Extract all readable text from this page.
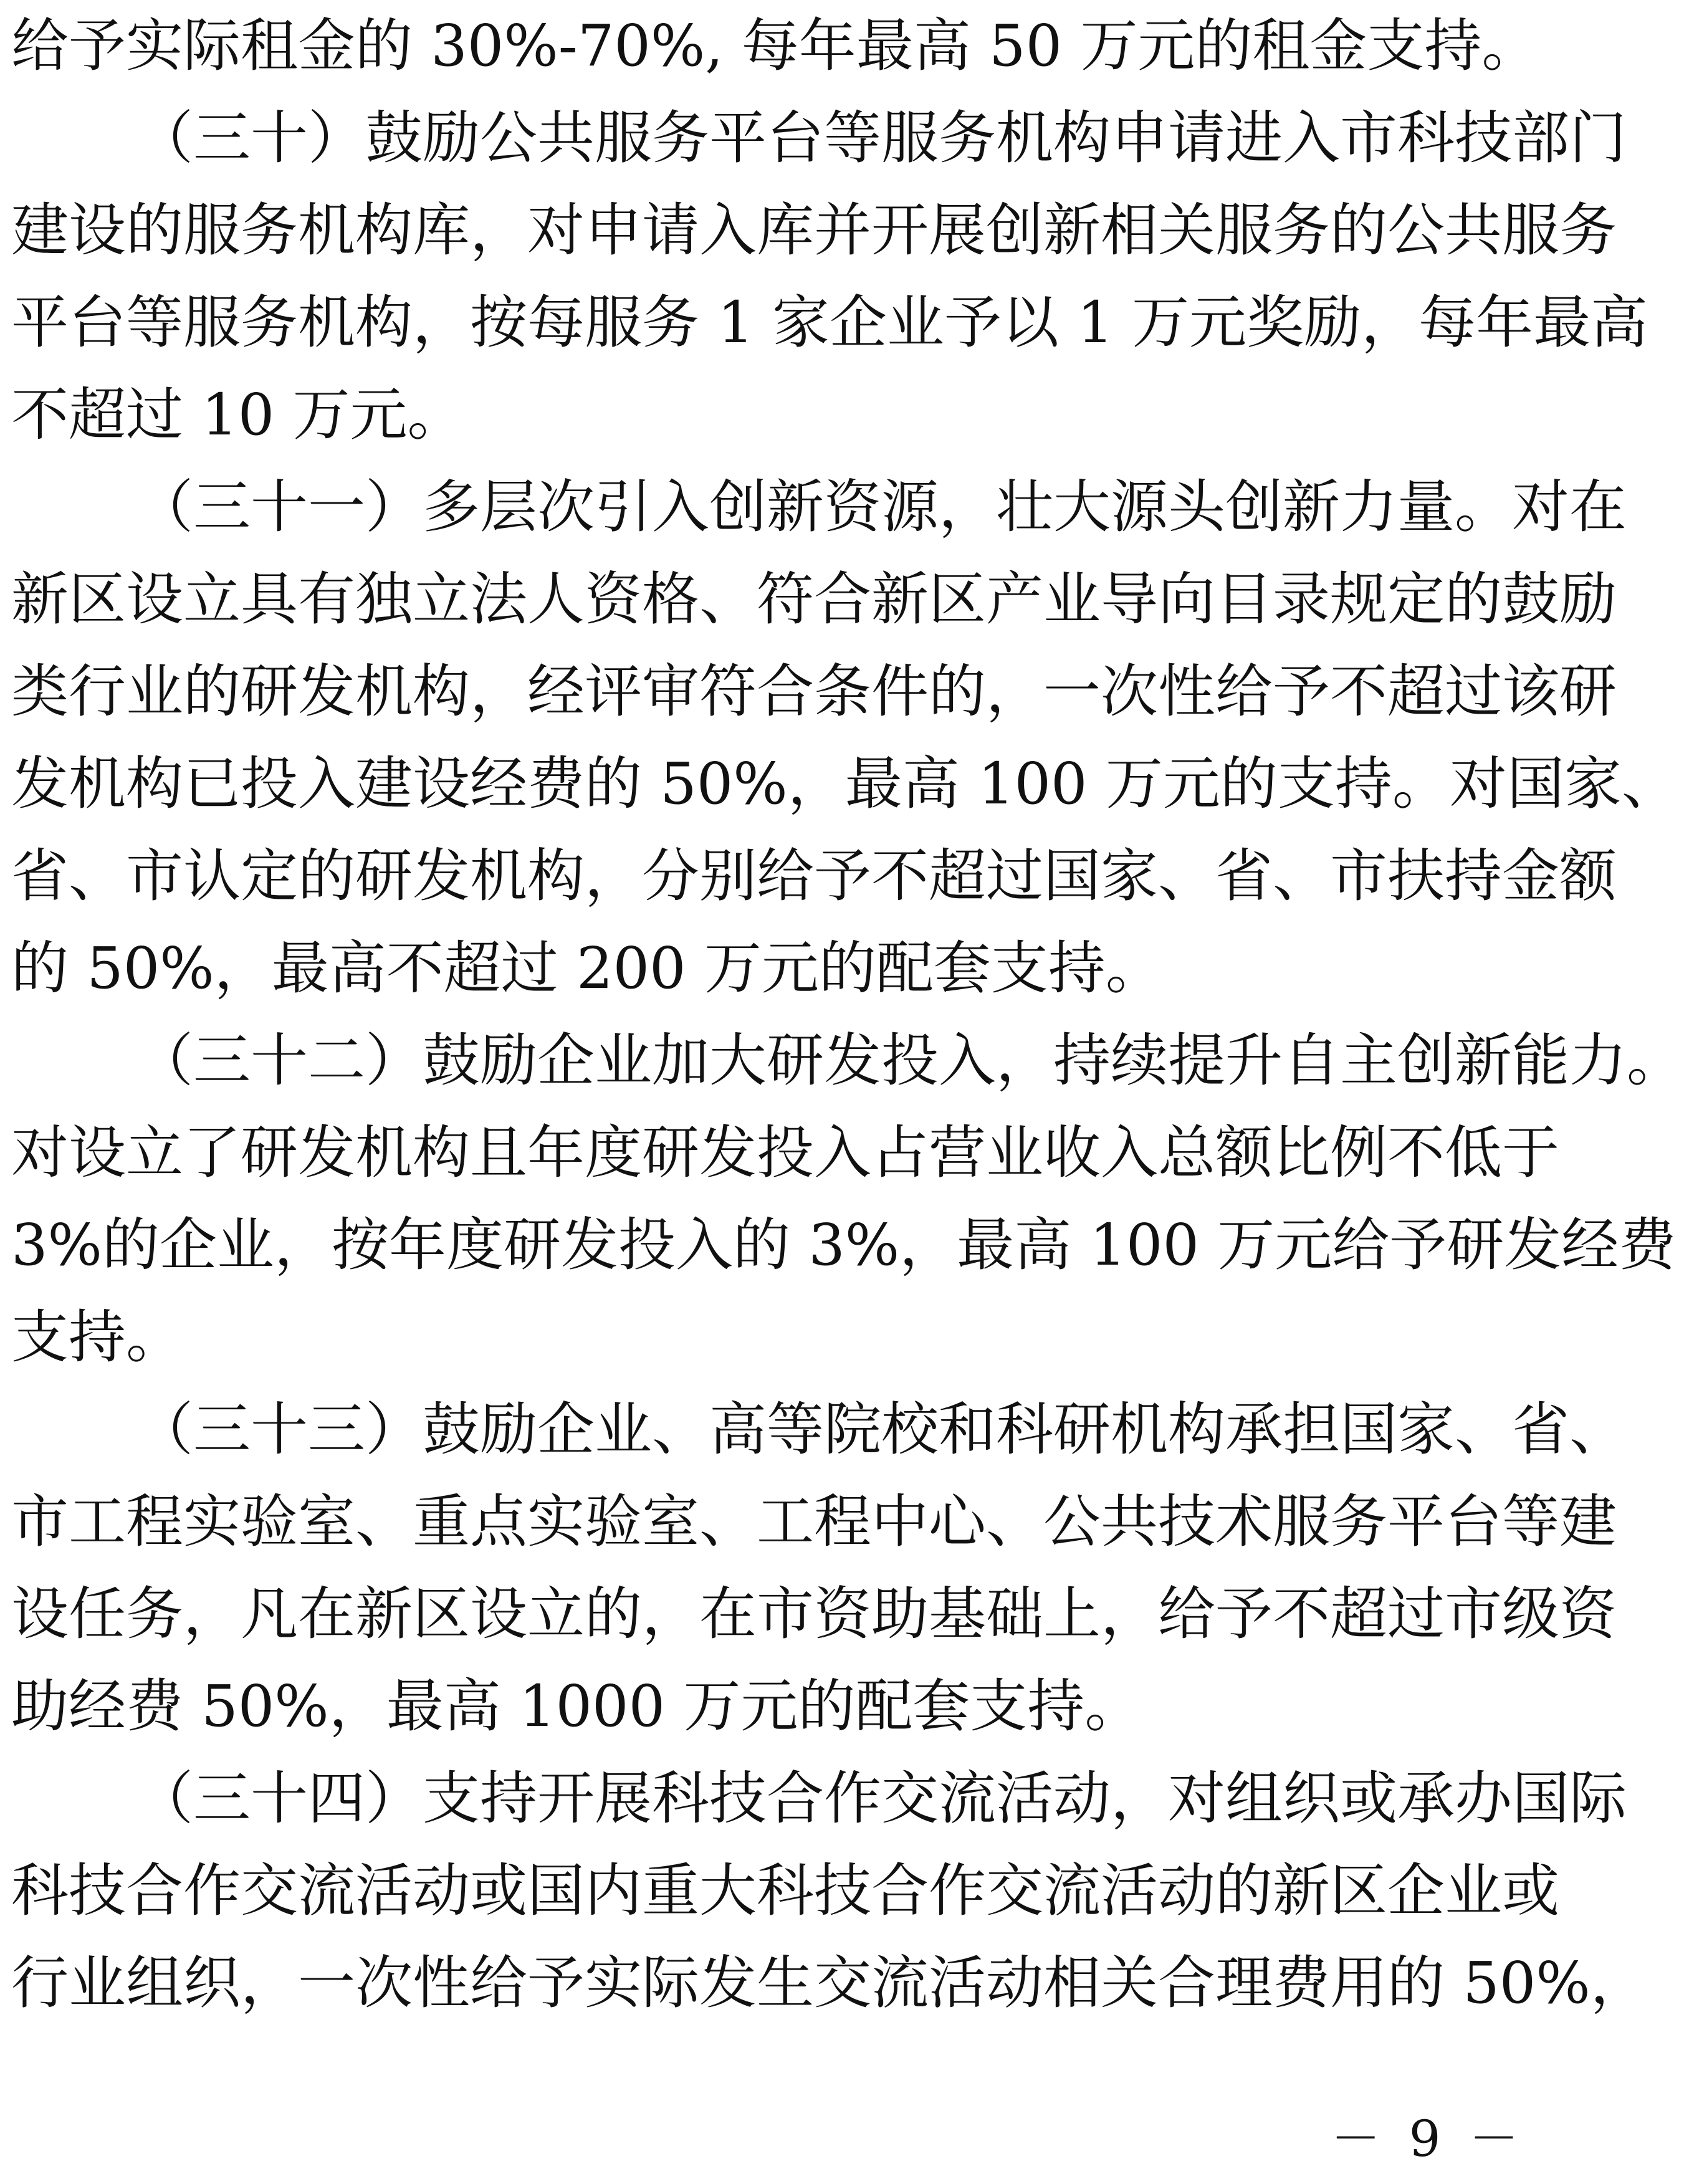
给予实际租金的 30%-70%, 每年最高 50 万元的租金支持。
（三十）鼓励公共服务平台等服务机构申请进入市科技部门
建设的服务机构库，对申请入库并开展创新相关服务的公共服务
平台等服务机构，按每服务 1 家企业予以 1 万元奖励，每年最高
不超过 10 万元。
（三十一）多层次引入创新资源，壮大源头创新力量。对在
新区设立具有独立法人资格、符合新区产业导向目录规定的鼓励
类行业的研发机构，经评审符合条件的，一次性给予不超过该研
发机构已投入建设经费的 50%，最高 100 万元的支持。对国家、
省、市认定的研发机构，分别给予不超过国家、省、市扶持金额
的 50%，最高不超过 200 万元的配套支持。
（三十二）鼓励企业加大研发投入，持续提升自主创新能力。
对设立了研发机构且年度研发投入占营业收入总额比例不低于
3%的企业，按年度研发投入的 3%，最高 100 万元给予研发经费
支持。
（三十三）鼓励企业、高等院校和科研机构承担国家、省、
市工程实验室、重点实验室、工程中心、公共技术服务平台等建
设任务，凡在新区设立的，在市资助基础上，给予不超过市级资
助经费 50%，最高 1000 万元的配套支持。
（三十四）支持开展科技合作交流活动，对组织或承办国际
科技合作交流活动或国内重大科技合作交流活动的新区企业或
行业组织，一次性给予实际发生交流活动相关合理费用的 50%，
－ 9 －
